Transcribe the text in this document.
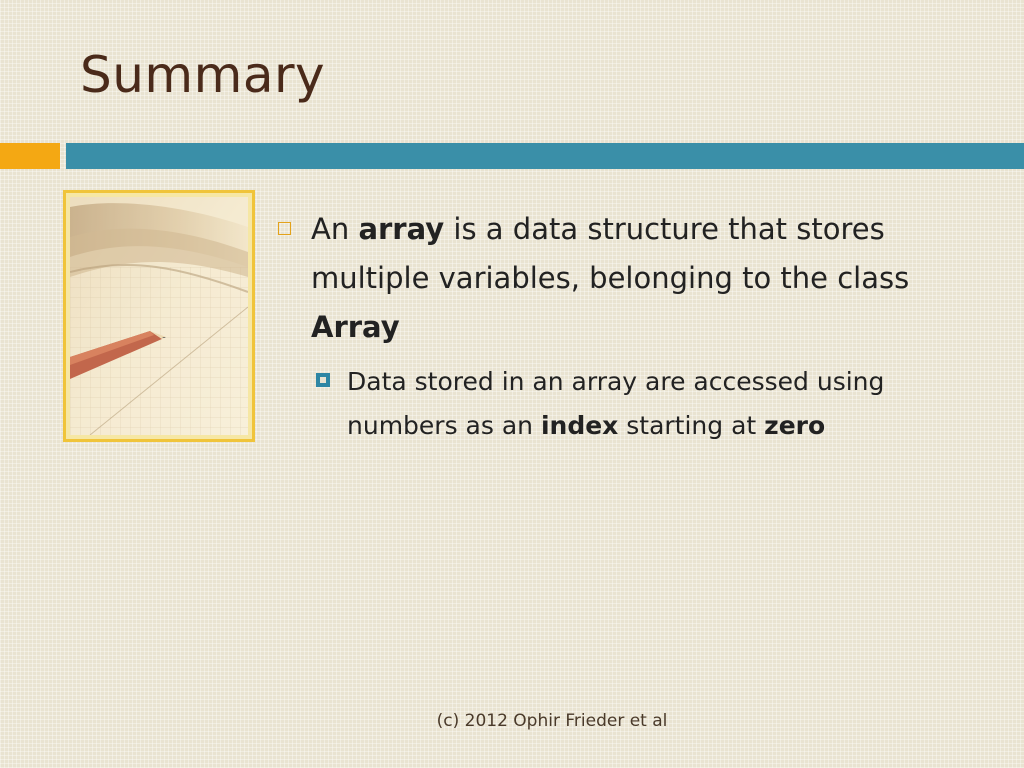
Summary
An array is a data structure that stores multiple variables, belonging to the class Array
Data stored in an array are accessed using numbers as an index starting at zero
(c) 2012 Ophir Frieder et al
